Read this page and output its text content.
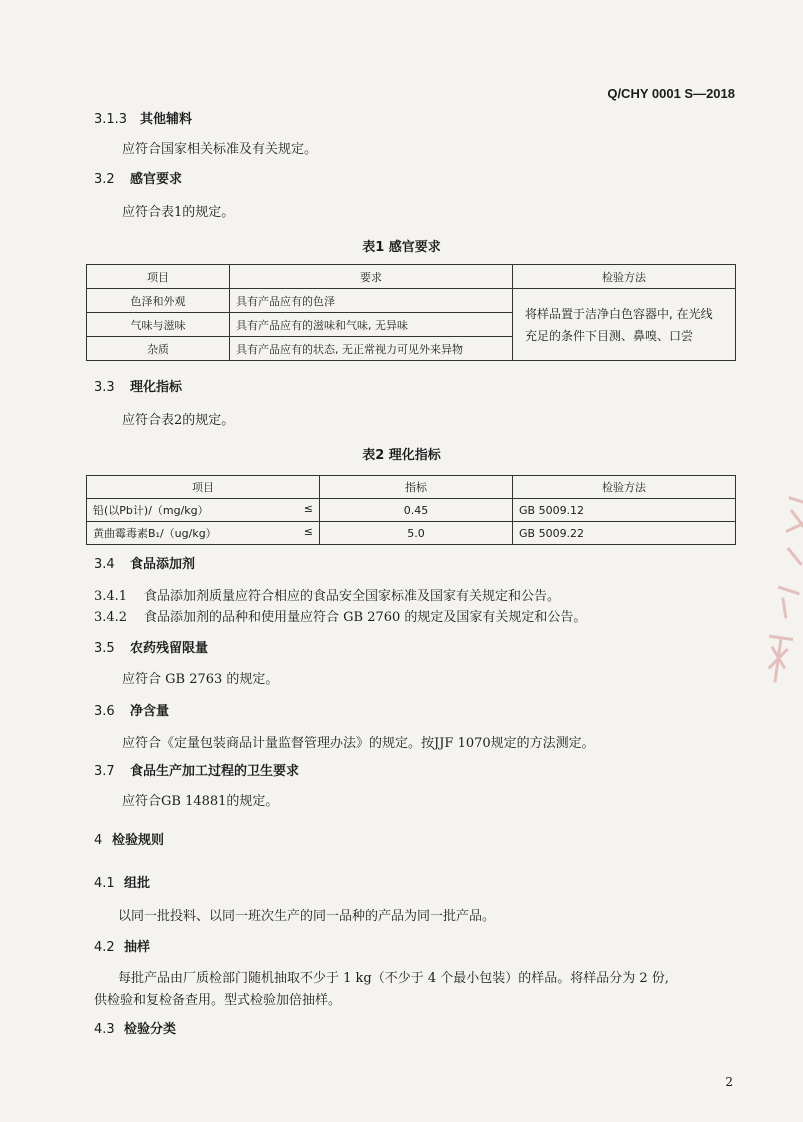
Q/CHY 0001 S—2018
3.1.3 其他辅料
应符合国家相关标准及有关规定。
3.2 感官要求
应符合表1的规定。
表1 感官要求
项目	要求	检验方法
色泽和外观	具有产品应有的色泽	将样品置于洁净白色容器中, 在光线充足的条件下目测、鼻嗅、口尝
气味与滋味	具有产品应有的滋味和气味, 无异味	
杂质	具有产品应有的状态, 无正常视力可见外来异物	
3.3 理化指标
应符合表2的规定。
表2 理化指标
项目	指标	检验方法
铅(以Pb计)/（mg/kg） ≤	0.45	GB 5009.12
黄曲霉毒素B₁/（ug/kg） ≤	5.0	GB 5009.22
3.4 食品添加剂
3.4.1 食品添加剂质量应符合相应的食品安全国家标准及国家有关规定和公告。
3.4.2 食品添加剂的品种和使用量应符合 GB 2760 的规定及国家有关规定和公告。
3.5 农药残留限量
应符合 GB 2763 的规定。
3.6 净含量
应符合《定量包装商品计量监督管理办法》的规定。按JJF 1070规定的方法测定。
3.7 食品生产加工过程的卫生要求
应符合GB 14881的规定。
4 检验规则
4.1 组批
以同一批投料、以同一班次生产的同一品种的产品为同一批产品。
4.2 抽样
每批产品由厂质检部门随机抽取不少于 1 kg（不少于 4 个最小包装）的样品。将样品分为 2 份,
供检验和复检备查用。型式检验加倍抽样。
4.3 检验分类
2
